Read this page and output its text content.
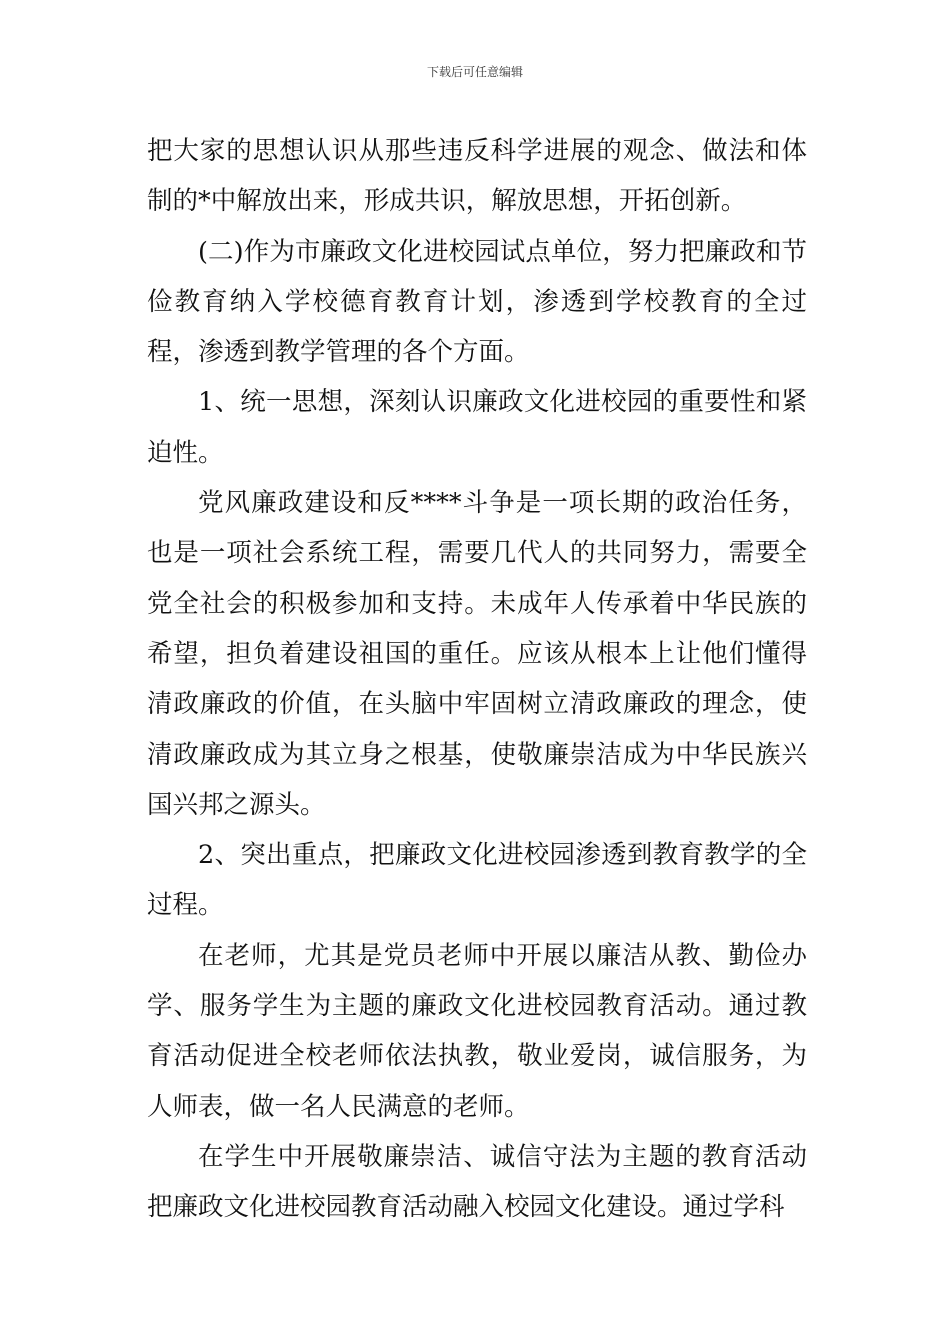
下载后可任意编辑

把大家的思想认识从那些违反科学进展的观念、做法和体制的*中解放出来，形成共识，解放思想，开拓创新。

(二)作为市廉政文化进校园试点单位，努力把廉政和节俭教育纳入学校德育教育计划，渗透到学校教育的全过程，渗透到教学管理的各个方面。

1、统一思想，深刻认识廉政文化进校园的重要性和紧迫性。

党风廉政建设和反****斗争是一项长期的政治任务，也是一项社会系统工程，需要几代人的共同努力，需要全党全社会的积极参加和支持。未成年人传承着中华民族的希望，担负着建设祖国的重任。应该从根本上让他们懂得清政廉政的价值，在头脑中牢固树立清政廉政的理念，使清政廉政成为其立身之根基，使敬廉崇洁成为中华民族兴国兴邦之源头。

2、突出重点，把廉政文化进校园渗透到教育教学的全过程。

在老师，尤其是党员老师中开展以廉洁从教、勤俭办学、服务学生为主题的廉政文化进校园教育活动。通过教育活动促进全校老师依法执教，敬业爱岗，诚信服务，为人师表，做一名人民满意的老师。

在学生中开展敬廉崇洁、诚信守法为主题的教育活动把廉政文化进校园教育活动融入校园文化建设。通过学科
